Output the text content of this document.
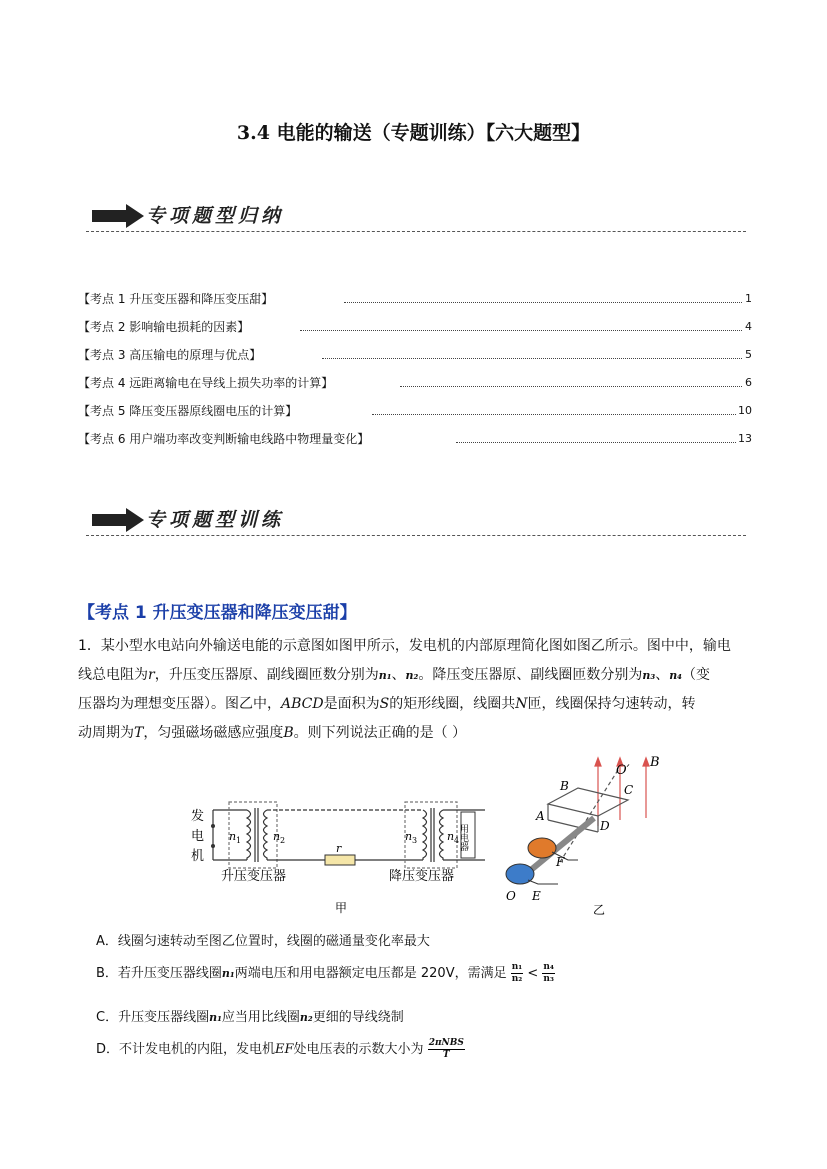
3.4 电能的输送（专题训练）【六大题型】
专项题型归纳
【考点 1 升压变压器和降压变压甜】	1
【考点 2 影响输电损耗的因素】	4
【考点 3 高压输电的原理与优点】	5
【考点 4 远距离输电在导线上损失功率的计算】	6
【考点 5 降压变压器原线圈电压的计算】	10
【考点 6 用户端功率改变判断输电线路中物理量变化】	13
专项题型训练
【考点 1 升压变压器和降压变压甜】
1．某小型水电站向外输送电能的示意图如图甲所示，发电机的内部原理简化图如图乙所示。图中中，输电
线总电阻为r，升压变压器原、副线圈匝数分别为n₁、n₂。降压变压器原、副线圈匝数分别为n₃、n₄（变
压器均为理想变压器）。图乙中，ABCD是面积为S的矩形线圈，线圈共N匝，线圈保持匀速转动，转
动周期为T，匀强磁场磁感应强度B。则下列说法正确的是（ ）
发
电
机
n 1	n 2	n 3	n 4
r	用电器
升压变压器	降压变压器
甲
O′
B
B
A
C
D
F
E
O
乙
A．线圈匀速转动至图乙位置时，线圈的磁通量变化率最大
B．若升压变压器线圈n₁两端电压和用电器额定电压都是 220V，需满足 $\frac{\text{n₁}}{\text{n₂}} < \frac{\text{n₄}}{\text{n₃}}$
C．升压变压器线圈n₁应当用比线圈n₂更细的导线绕制
D．不计发电机的内阻，发电机EF处电压表的示数大小为 $\frac{\text{2πNBS}}{T}$
